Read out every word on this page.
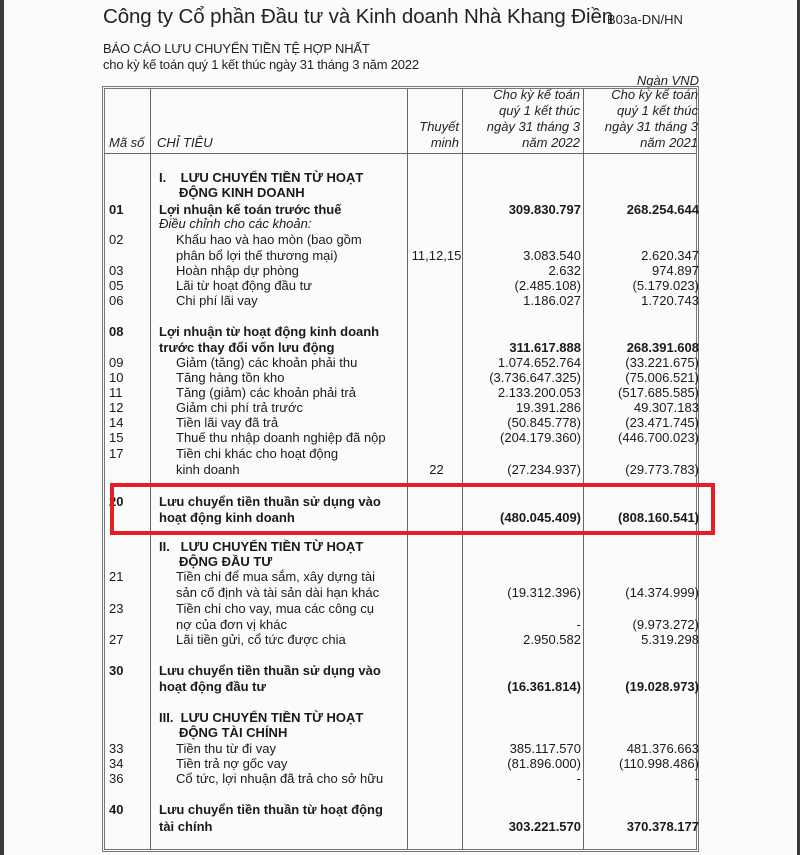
Công ty Cổ phần Đầu tư và Kinh doanh Nhà Khang Điền
B03a-DN/HN
BÁO CÁO LƯU CHUYỂN TIỀN TỆ HỢP NHẤT
cho kỳ kế toán quý 1 kết thúc ngày 31 tháng 3 năm 2022
Ngàn VND
Mã số CHỈ TIÊU
Thuyết
minh
Cho kỳ kế toán
quý 1 kết thúc
ngày 31 tháng 3
năm 2022
Cho kỳ kế toán
quý 1 kết thúc
ngày 31 tháng 3
năm 2021
I.    LƯU CHUYỂN TIỀN TỪ HOẠT
ĐỘNG KINH DOANH
01	Lợi nhuận kế toán trước thuế	309.830.797	268.254.644
Điều chỉnh cho các khoản:
02	Khấu hao và hao mòn (bao gồm
phân bổ lợi thế thương mại)	11,12,15	3.083.540	2.620.347
03	Hoàn nhập dự phòng	2.632	974.897
05	Lãi từ hoạt động đầu tư	(2.485.108)	(5.179.023)
06	Chi phí lãi vay	1.186.027	1.720.743
08	Lợi nhuận từ hoạt động kinh doanh
trước thay đổi vốn lưu động	311.617.888	268.391.608
09	Giảm (tăng) các khoản phải thu	1.074.652.764	(33.221.675)
10	Tăng hàng tồn kho	(3.736.647.325)	(75.006.521)
11	Tăng (giảm) các khoản phải trả	2.133.200.053	(517.685.585)
12	Giảm chi phí trả trước	19.391.286	49.307.183
14	Tiền lãi vay đã trả	(50.845.778)	(23.471.745)
15	Thuế thu nhập doanh nghiệp đã nộp	(204.179.360)	(446.700.023)
17	Tiền chi khác cho hoạt động
kinh doanh	22	(27.234.937)	(29.773.783)
20	Lưu chuyển tiền thuần sử dụng vào
hoạt động kinh doanh	(480.045.409)	(808.160.541)
II.   LƯU CHUYỂN TIỀN TỪ HOẠT
ĐỘNG ĐẦU TƯ
21	Tiền chi để mua sắm, xây dựng tài
sản cố định và tài sản dài hạn khác	(19.312.396)	(14.374.999)
23	Tiền chi cho vay, mua các công cụ
nợ của đơn vị khác	-	(9.973.272)
27	Lãi tiền gửi, cổ tức được chia	2.950.582	5.319.298
30	Lưu chuyển tiền thuần sử dụng vào
hoạt động đầu tư	(16.361.814)	(19.028.973)
III.  LƯU CHUYỂN TIỀN TỪ HOẠT
ĐỘNG TÀI CHÍNH
33	Tiền thu từ đi vay	385.117.570	481.376.663
34	Tiền trả nợ gốc vay	(81.896.000)	(110.998.486)
36	Cổ tức, lợi nhuận đã trả cho sở hữu	-	-
40	Lưu chuyển tiền thuần từ hoạt động
tài chính	303.221.570	370.378.177
